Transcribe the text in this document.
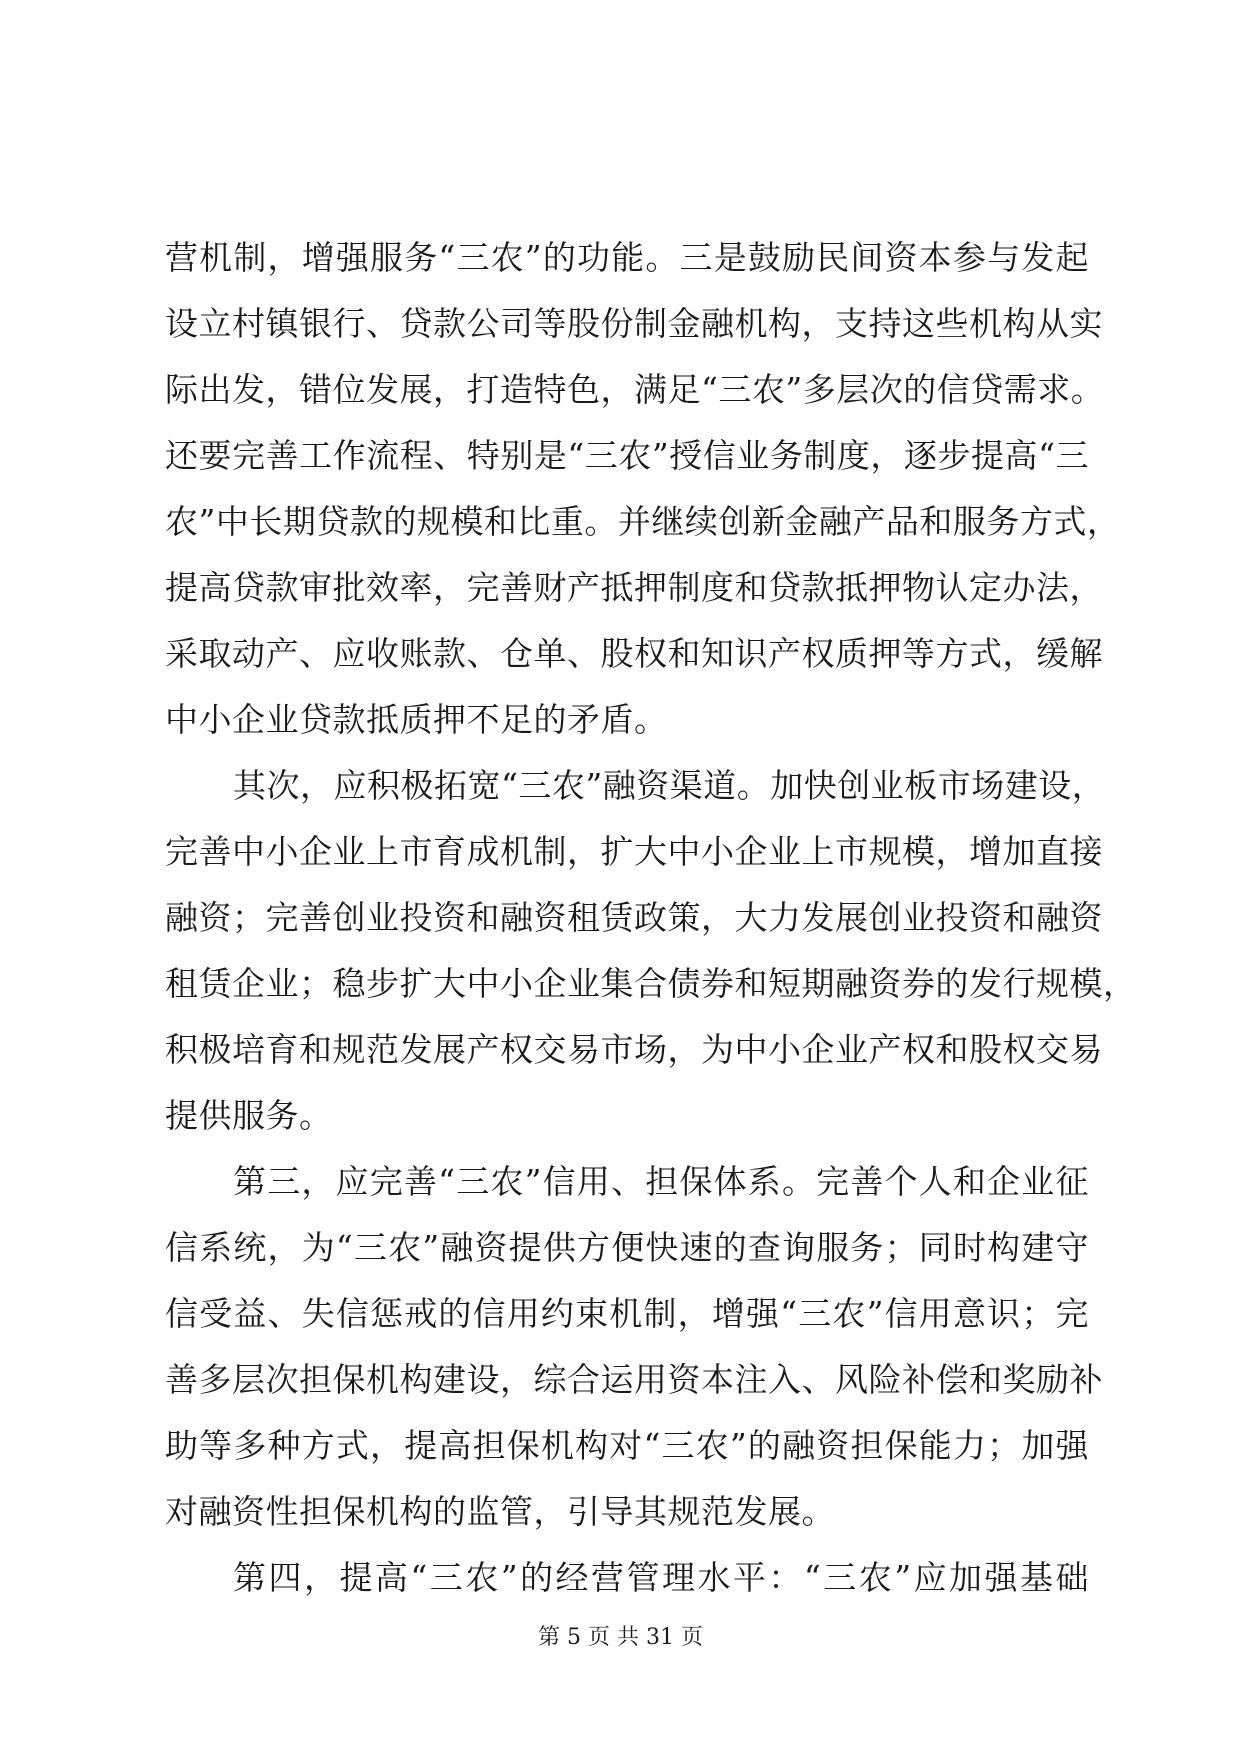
营机制，增强服务“三农”的功能。三是鼓励民间资本参与发起
设立村镇银行、贷款公司等股份制金融机构，支持这些机构从实
际出发，错位发展，打造特色，满足“三农”多层次的信贷需求。
还要完善工作流程、特别是“三农”授信业务制度，逐步提高“三
农”中长期贷款的规模和比重。并继续创新金融产品和服务方式，
提高贷款审批效率，完善财产抵押制度和贷款抵押物认定办法，
采取动产、应收账款、仓单、股权和知识产权质押等方式，缓解
中小企业贷款抵质押不足的矛盾。
其次，应积极拓宽“三农”融资渠道。加快创业板市场建设，
完善中小企业上市育成机制，扩大中小企业上市规模，增加直接
融资；完善创业投资和融资租赁政策，大力发展创业投资和融资
租赁企业；稳步扩大中小企业集合债券和短期融资券的发行规模，
积极培育和规范发展产权交易市场，为中小企业产权和股权交易
提供服务。
第三，应完善“三农”信用、担保体系。完善个人和企业征
信系统，为“三农”融资提供方便快速的查询服务；同时构建守
信受益、失信惩戒的信用约束机制，增强“三农”信用意识；完
善多层次担保机构建设，综合运用资本注入、风险补偿和奖励补
助等多种方式，提高担保机构对“三农”的融资担保能力；加强
对融资性担保机构的监管，引导其规范发展。
第 5 页 共 31 页
第四，提高“三农”的经营管理水平：“三农”应加强基础
